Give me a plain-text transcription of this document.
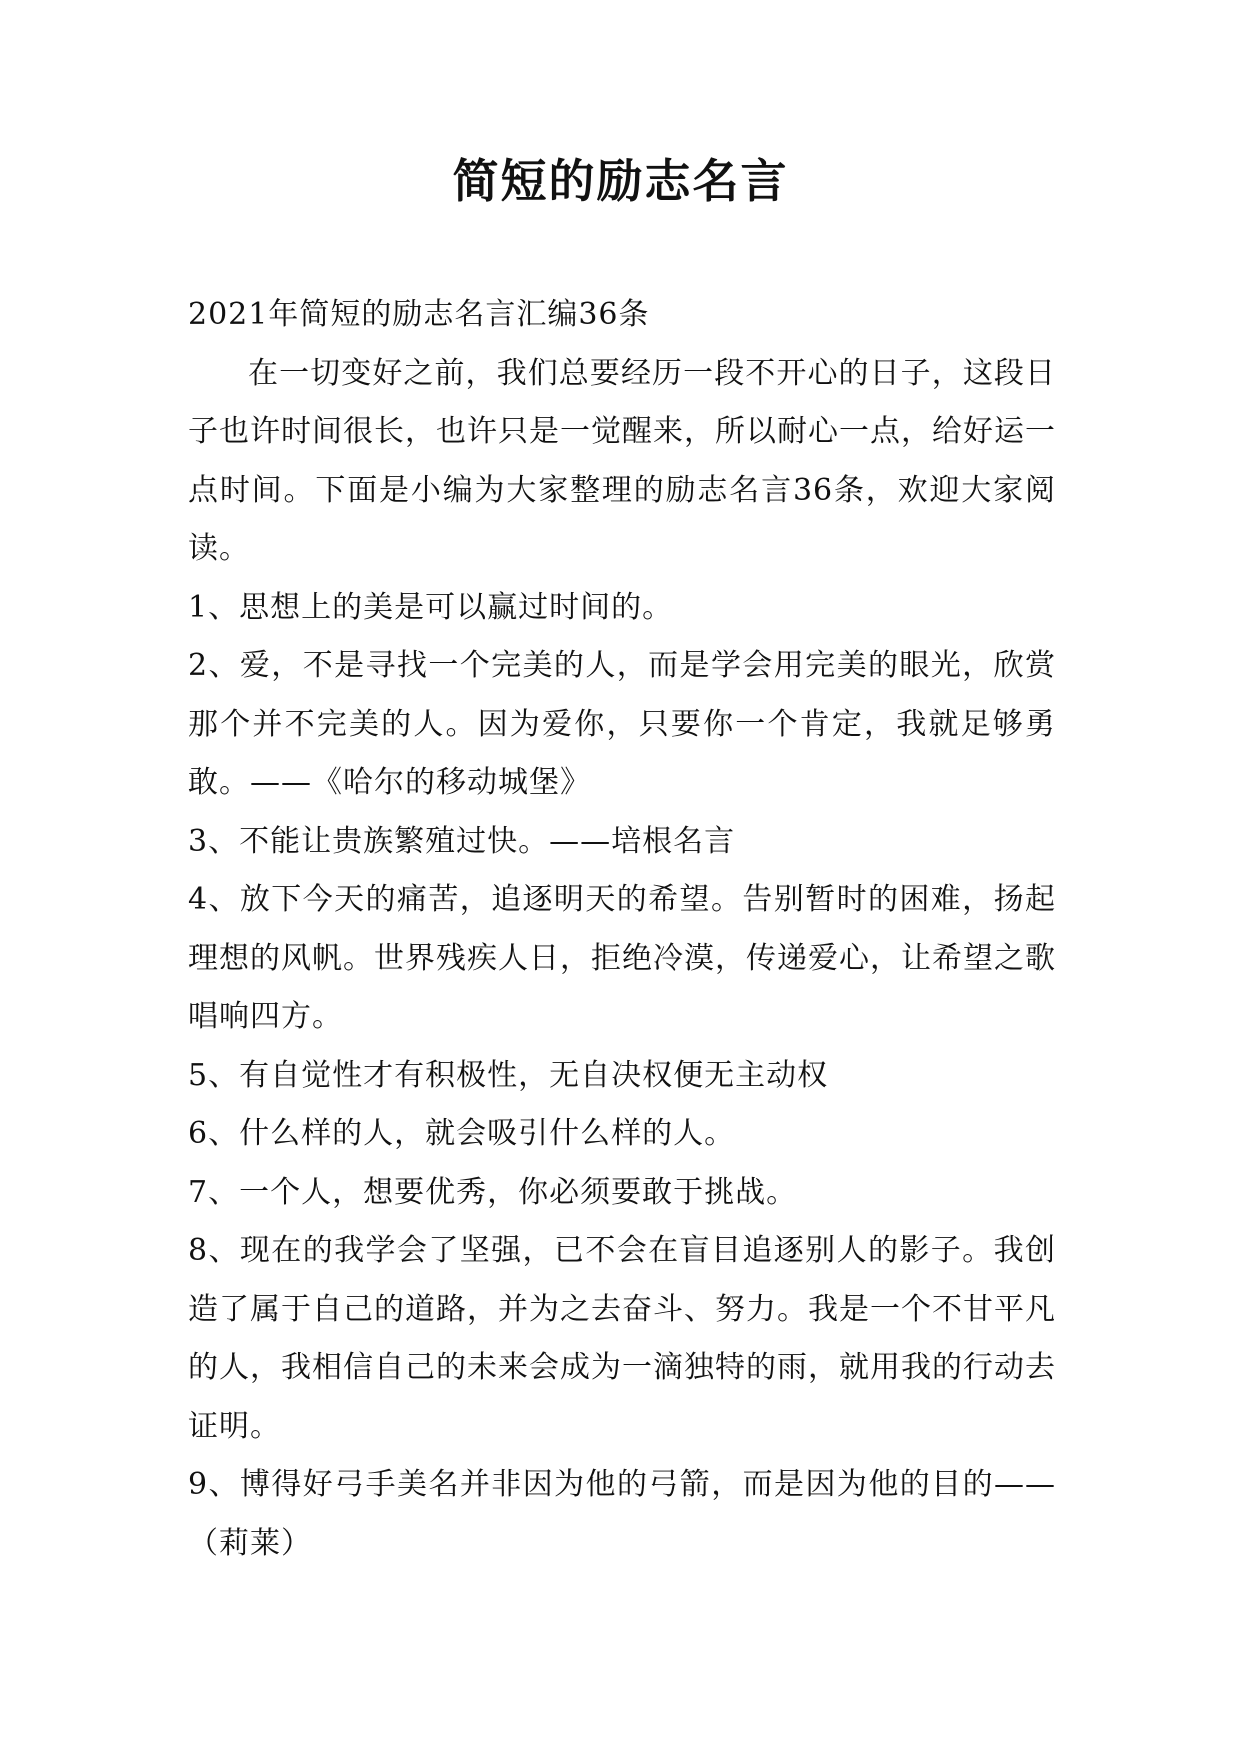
简短的励志名言

2021年简短的励志名言汇编36条

在一切变好之前，我们总要经历一段不开心的日子，这段日子也许时间很长，也许只是一觉醒来，所以耐心一点，给好运一点时间。下面是小编为大家整理的励志名言36条，欢迎大家阅读。

1、思想上的美是可以赢过时间的。

2、爱，不是寻找一个完美的人，而是学会用完美的眼光，欣赏那个并不完美的人。因为爱你，只要你一个肯定，我就足够勇敢。——《哈尔的移动城堡》

3、不能让贵族繁殖过快。——培根名言

4、放下今天的痛苦，追逐明天的希望。告别暂时的困难，扬起理想的风帆。世界残疾人日，拒绝冷漠，传递爱心，让希望之歌唱响四方。

5、有自觉性才有积极性，无自决权便无主动权

6、什么样的人，就会吸引什么样的人。

7、一个人，想要优秀，你必须要敢于挑战。

8、现在的我学会了坚强，已不会在盲目追逐别人的影子。我创造了属于自己的道路，并为之去奋斗、努力。我是一个不甘平凡的人，我相信自己的未来会成为一滴独特的雨，就用我的行动去证明。

9、博得好弓手美名并非因为他的弓箭，而是因为他的目的——（莉莱）
